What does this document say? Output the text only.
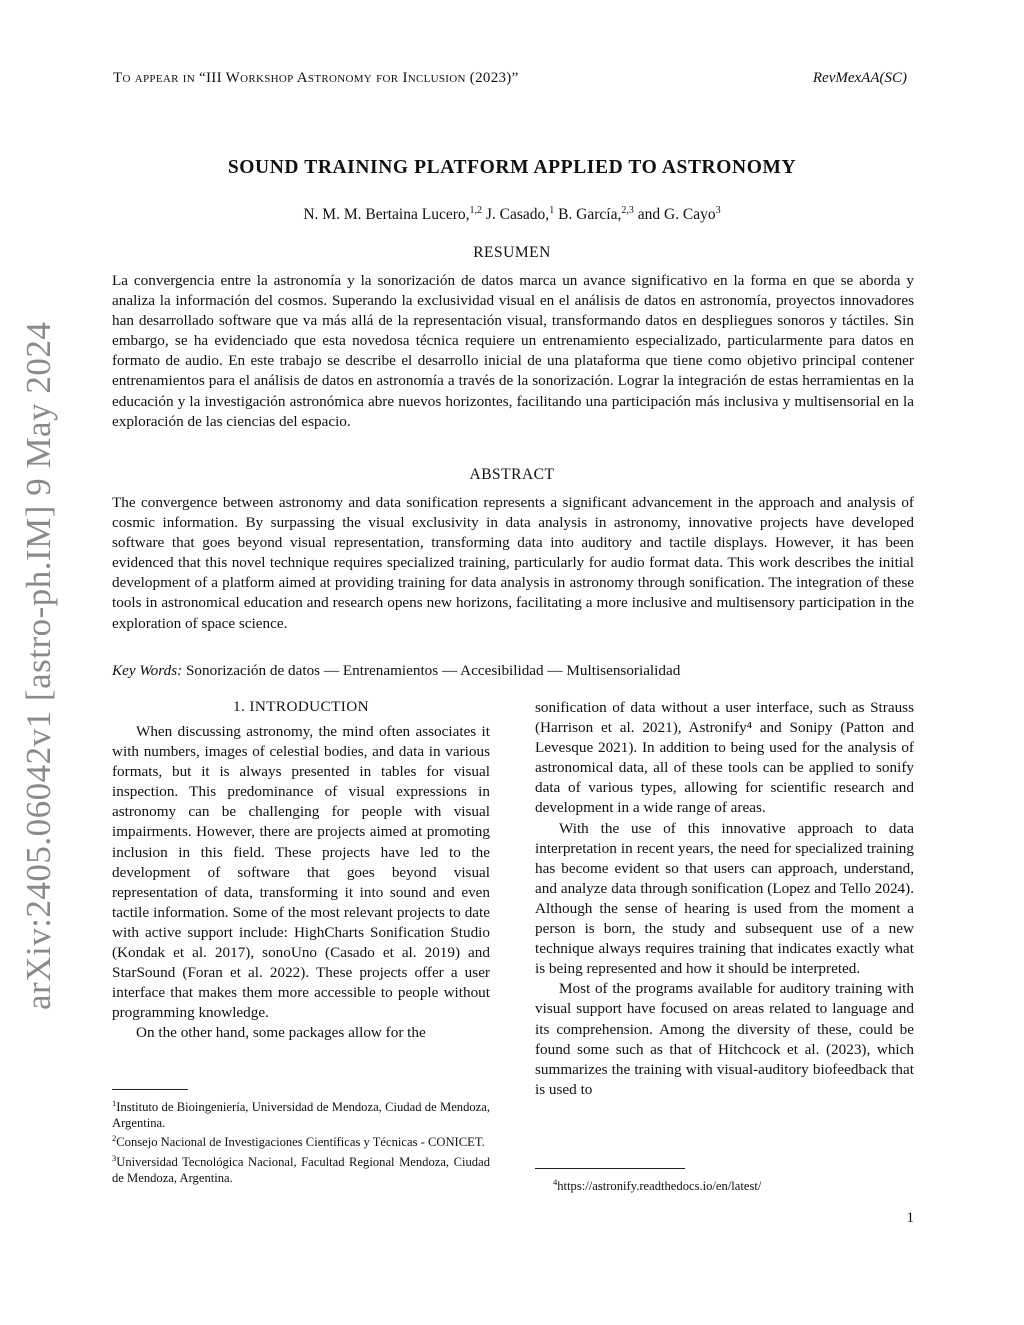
To appear in “III Workshop Astronomy for Inclusion (2023)”	RevMexAA(SC)
arXiv:2405.06042v1 [astro-ph.IM] 9 May 2024
SOUND TRAINING PLATFORM APPLIED TO ASTRONOMY
N. M. M. Bertaina Lucero,$^{1,2}$ J. Casado,$^1$ B. García,$^{2,3}$ and G. Cayo$^3$
RESUMEN

La convergencia entre la astronomía y la sonorización de datos marca un avance significativo en la forma en que se aborda y analiza la información del cosmos. Superando la exclusividad visual en el análisis de datos en astronomía, proyectos innovadores han desarrollado software que va más allá de la representación visual, transformando datos en despliegues sonoros y táctiles. Sin embargo, se ha evidenciado que esta novedosa técnica requiere un entrenamiento especializado, particularmente para datos en formato de audio. En este trabajo se describe el desarrollo inicial de una plataforma que tiene como objetivo principal contener entrenamientos para el análisis de datos en astronomía a través de la sonorización. Lograr la integración de estas herramientas en la educación y la investigación astronómica abre nuevos horizontes, facilitando una participación más inclusiva y multisensorial en la exploración de las ciencias del espacio.

ABSTRACT

The convergence between astronomy and data sonification represents a significant advancement in the approach and analysis of cosmic information. By surpassing the visual exclusivity in data analysis in astronomy, innovative projects have developed software that goes beyond visual representation, transforming data into auditory and tactile displays. However, it has been evidenced that this novel technique requires specialized training, particularly for audio format data. This work describes the initial development of a platform aimed at providing training for data analysis in astronomy through sonification. The integration of these tools in astronomical education and research opens new horizons, facilitating a more inclusive and multisensory participation in the exploration of space science.

Key Words: Sonorización de datos — Entrenamientos — Accesibilidad — Multisensorialidad
1. INTRODUCTION

When discussing astronomy, the mind often associates it with numbers, images of celestial bodies, and data in various formats, but it is always presented in tables for visual inspection. This predominance of visual expressions in astronomy can be challenging for people with visual impairments. However, there are projects aimed at promoting inclusion in this field. These projects have led to the development of software that goes beyond visual representation of data, transforming it into sound and even tactile information. Some of the most relevant projects to date with active support include: HighCharts Sonification Studio (Kondak et al. 2017), sonoUno (Casado et al. 2019) and StarSound (Foran et al. 2022). These projects offer a user interface that makes them more accessible to people without programming knowledge.

On the other hand, some packages allow for the

$^1$Instituto de Bioingeniería, Universidad de Mendoza, Ciudad de Mendoza, Argentina.

$^2$Consejo Nacional de Investigaciones Científicas y Técnicas - CONICET.

$^3$Universidad Tecnológica Nacional, Facultad Regional Mendoza, Ciudad de Mendoza, Argentina.

sonification of data without a user interface, such as Strauss (Harrison et al. 2021), Astronify⁴ and Sonipy (Patton and Levesque 2021). In addition to being used for the analysis of astronomical data, all of these tools can be applied to sonify data of various types, allowing for scientific research and development in a wide range of areas.

With the use of this innovative approach to data interpretation in recent years, the need for specialized training has become evident so that users can approach, understand, and analyze data through sonification (Lopez and Tello 2024). Although the sense of hearing is used from the moment a person is born, the study and subsequent use of a new technique always requires training that indicates exactly what is being represented and how it should be interpreted.

Most of the programs available for auditory training with visual support have focused on areas related to language and its comprehension. Among the diversity of these, could be found some such as that of Hitchcock et al. (2023), which summarizes the training with visual-auditory biofeedback that is used to

$^4$https://astronify.readthedocs.io/en/latest/

1
